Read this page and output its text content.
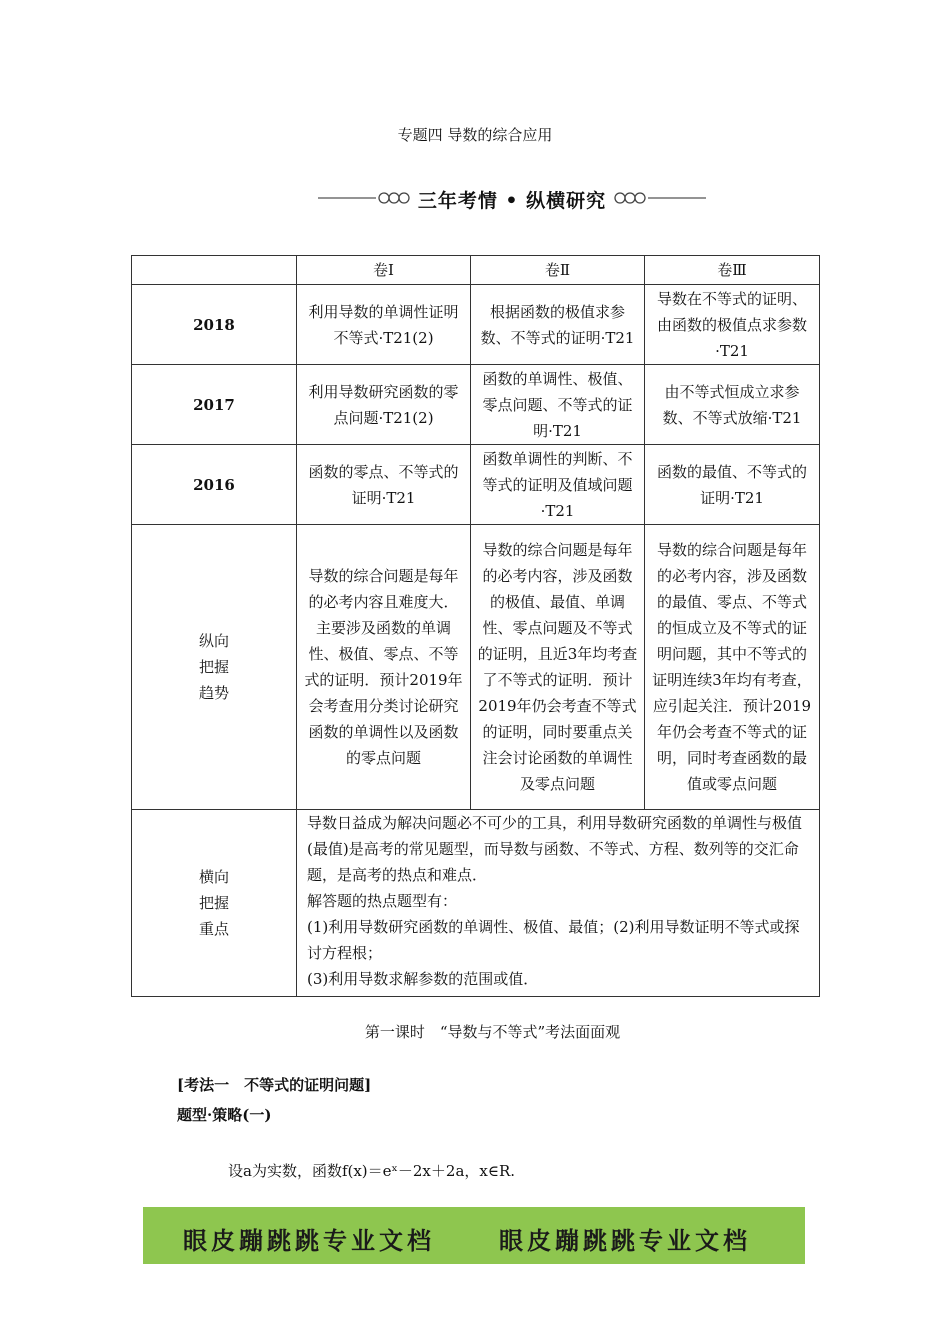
专题四 导数的综合应用
三年考情 • 纵横研究
	卷Ⅰ	卷Ⅱ	卷Ⅲ
2018	利用导数的单调性证明不等式·T21(2)	根据函数的极值求参数、不等式的证明·T21	导数在不等式的证明、由函数的极值点求参数·T21
2017	利用导数研究函数的零点问题·T21(2)	函数的单调性、极值、零点问题、不等式的证明·T21	由不等式恒成立求参数、不等式放缩·T21
2016	函数的零点、不等式的证明·T21	函数单调性的判断、不等式的证明及值域问题·T21	函数的最值、不等式的证明·T21
纵向把握趋势	导数的综合问题是每年的必考内容且难度大．主要涉及函数的单调性、极值、零点、不等式的证明．预计2019年会考查用分类讨论研究函数的单调性以及函数的零点问题	导数的综合问题是每年的必考内容，涉及函数的极值、最值、单调性、零点问题及不等式的证明，且近3年均考查了不等式的证明．预计2019年仍会考查不等式的证明，同时要重点关注会讨论函数的单调性及零点问题	导数的综合问题是每年的必考内容，涉及函数的最值、零点、不等式的恒成立及不等式的证明问题，其中不等式的证明连续3年均有考查，应引起关注．预计2019年仍会考查不等式的证明，同时考查函数的最值或零点问题
横向把握重点	导数日益成为解决问题必不可少的工具，利用导数研究函数的单调性与极值(最值)是高考的常见题型，而导数与函数、不等式、方程、数列等的交汇命题，是高考的热点和难点．
解答题的热点题型有：
(1)利用导数研究函数的单调性、极值、最值；(2)利用导数证明不等式或探讨方程根；
(3)利用导数求解参数的范围或值．		
第一课时　“导数与不等式”考法面面观
[考法一　不等式的证明问题]
题型·策略(一)
设a为实数，函数f(x)＝eˣ－2x＋2a，x∈R.
眼皮蹦跳跳专业文档	眼皮蹦跳跳专业文档
